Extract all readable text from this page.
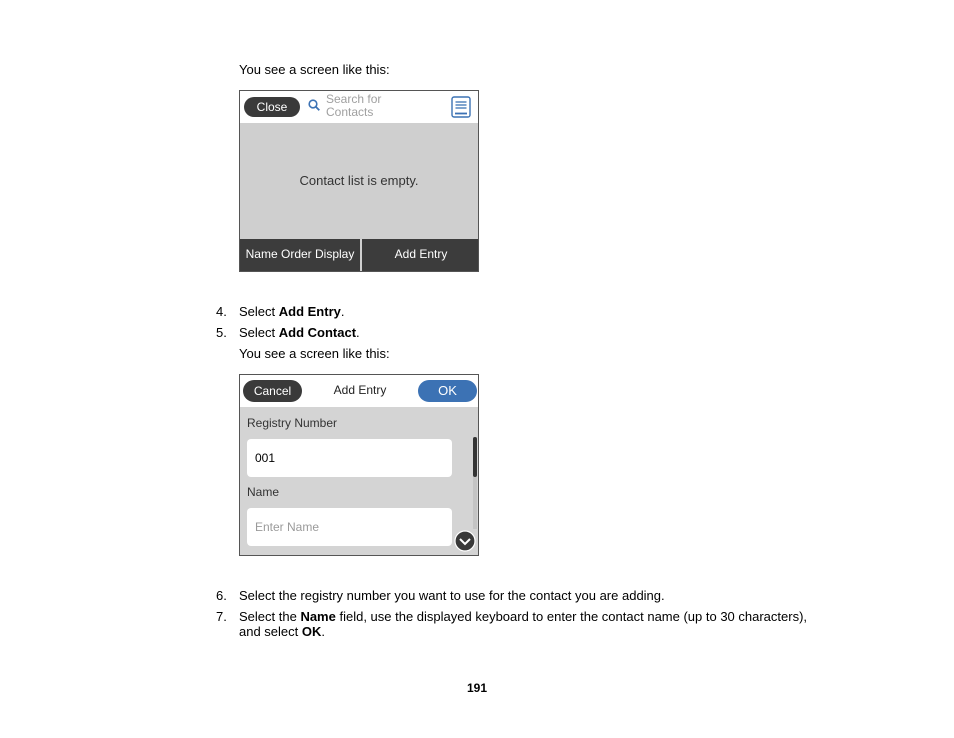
You see a screen like this:
Close
Search for
Contacts
Contact list is empty.
Name Order Display	Add Entry
4. Select Add Entry.
5. Select Add Contact.
You see a screen like this:
Cancel	Add Entry	OK
Registry Number
001
Name
Enter Name
6. Select the registry number you want to use for the contact you are adding.
7. Select the Name field, use the displayed keyboard to enter the contact name (up to 30 characters),
and select OK.
191
